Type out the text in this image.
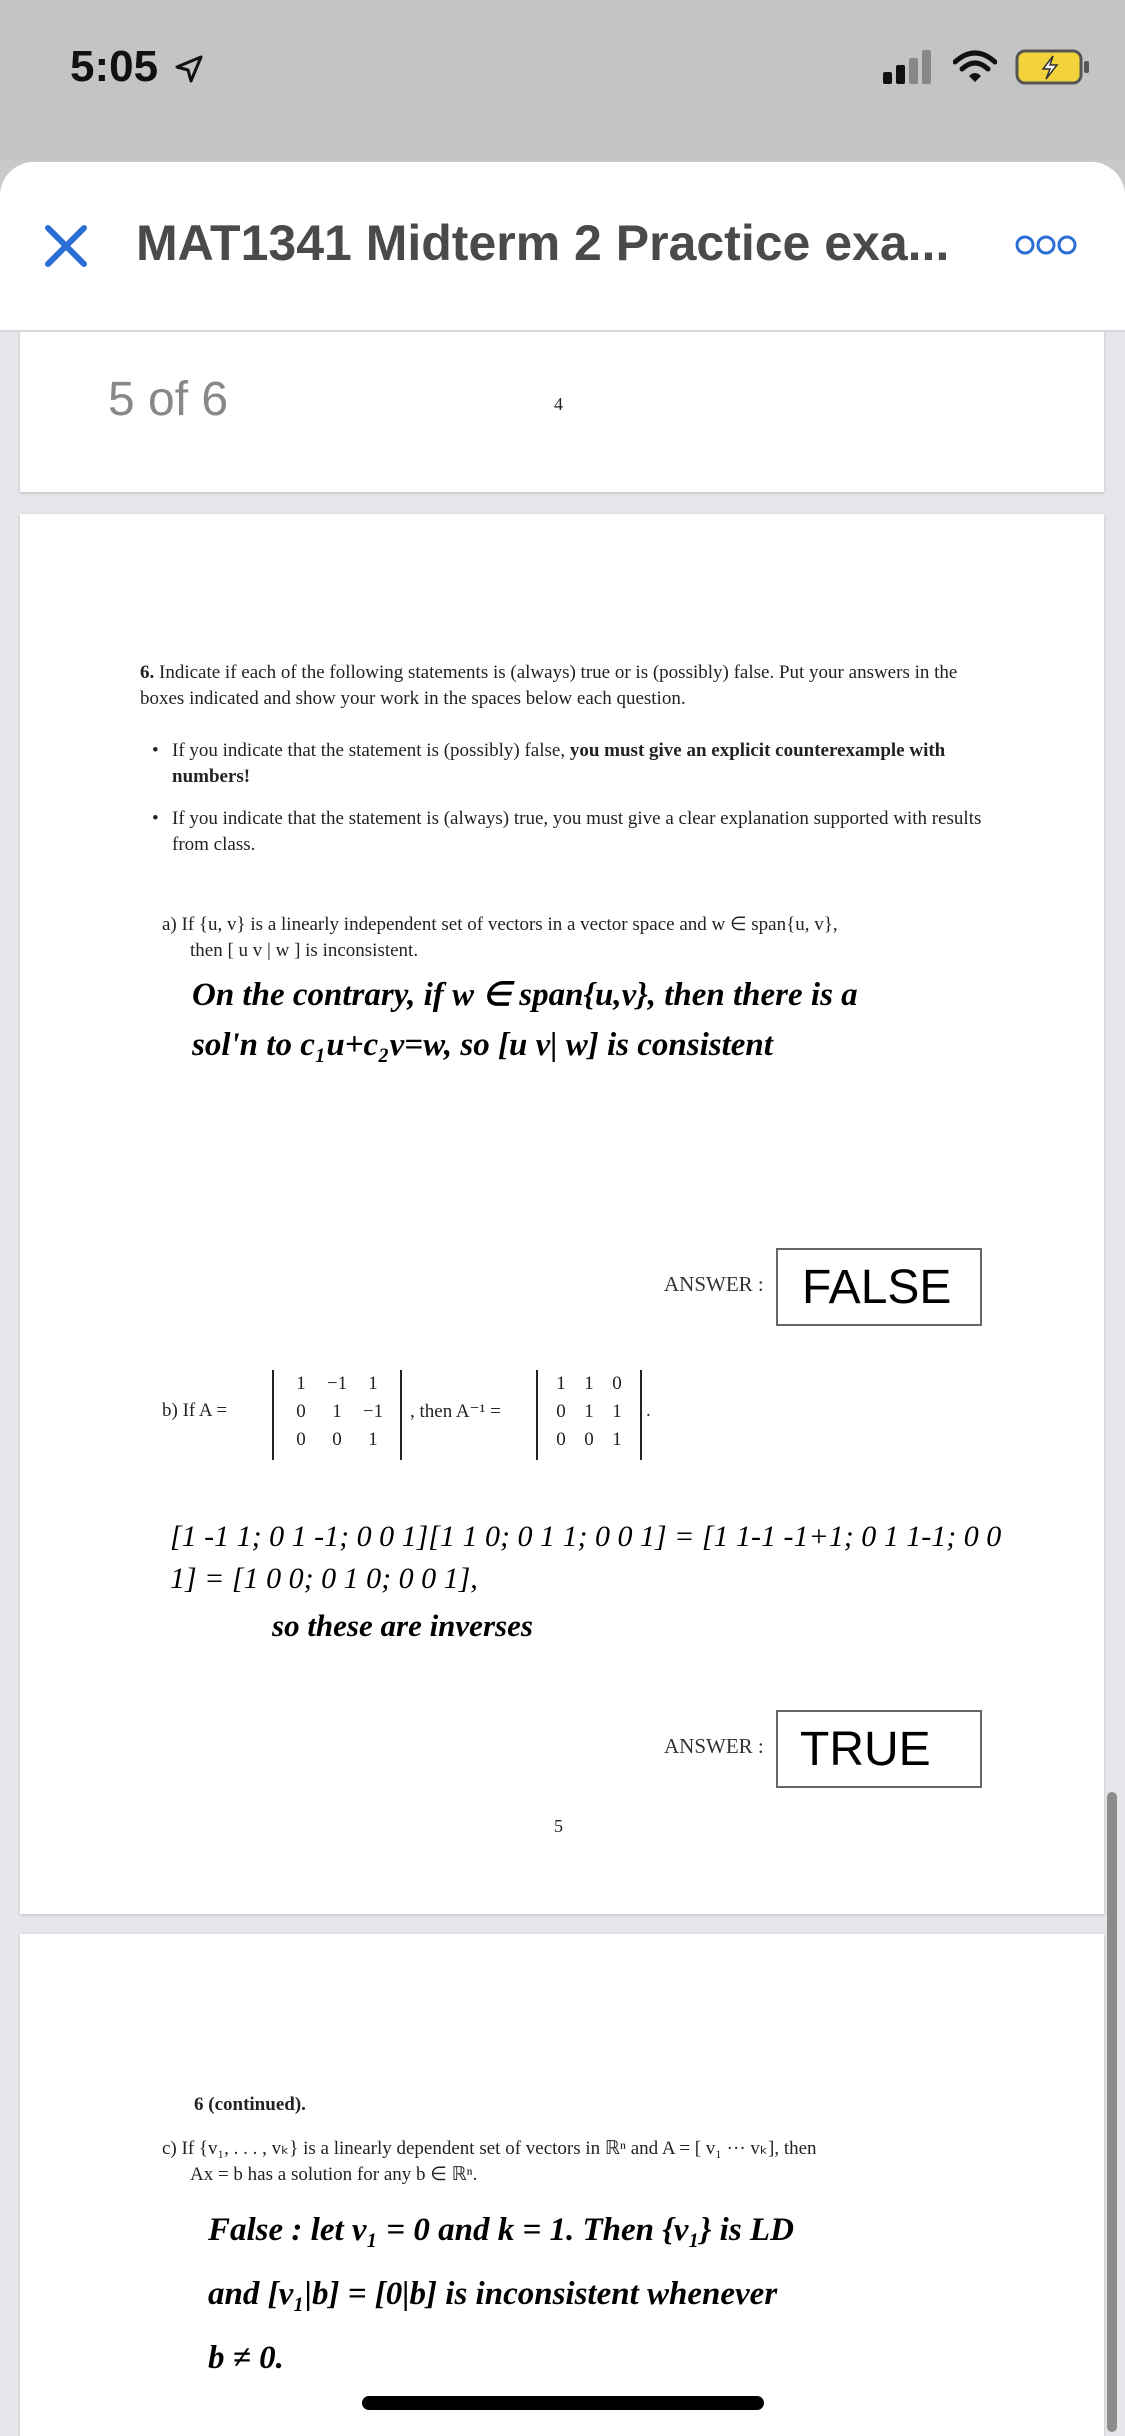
5:05
MAT1341 Midterm 2 Practice exa...
5 of 6	4
6. Indicate if each of the following statements is (always) true or is (possibly) false. Put your answers in the boxes indicated and show your work in the spaces below each question.
• If you indicate that the statement is (possibly) false, you must give an explicit counterexample with numbers!
• If you indicate that the statement is (always) true, you must give a clear explanation supported with results from class.
a) If {u, v} is a linearly independent set of vectors in a vector space and w ∈ span{u, v},
then [ u v | w ] is inconsistent.
On the contrary, if w ∈ span{u,v}, then there is a
sol'n to c₁u+c₂v=w, so [u v| w] is consistent
ANSWER : FALSE
b) If A =
1	−1	1
0	1	−1
0	0	1
, then A⁻¹ =
1 1 0
0 1 1
0 0 1
.
[1 -1 1; 0 1 -1; 0 0 1][1 1 0; 0 1 1; 0 0 1] = [1 1-1 -1+1; 0 1 1-1; 0 0 1] = [1 0 0; 0 1 0; 0 0 1],
so these are inverses
ANSWER : TRUE
5
6 (continued).
c) If {v₁, . . . , vₖ} is a linearly dependent set of vectors in ℝⁿ and A = [ v₁ ··· vₖ], then
Ax = b has a solution for any b ∈ ℝⁿ.
False : let v₁ = 0 and k = 1. Then {v₁} is LD
and [v₁|b] = [0|b] is inconsistent whenever
b ≠ 0.
